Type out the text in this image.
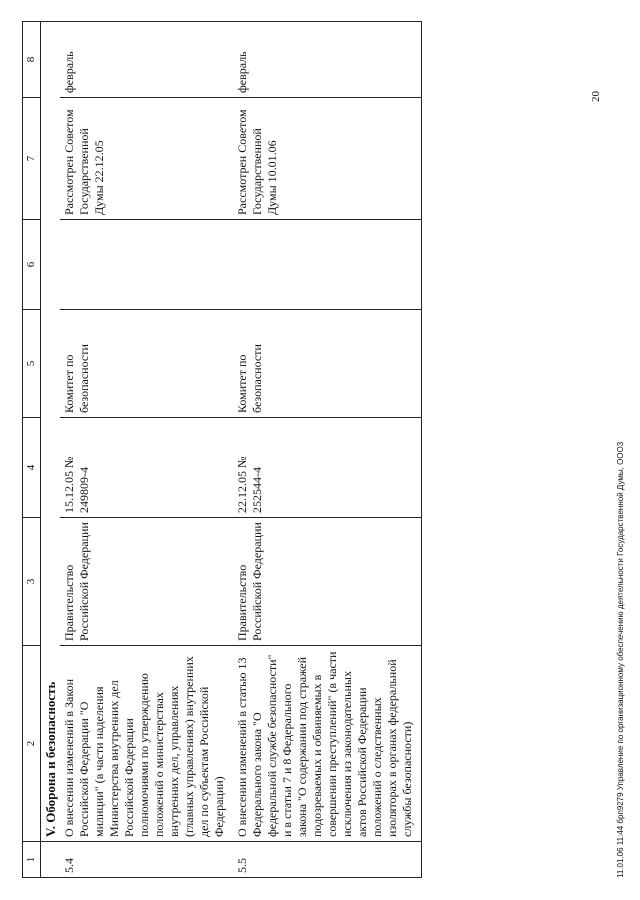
1	2	3	4	5	6	7	8
	V. Оборона и безопасность						
5.4	О внесении изменений в Закон Российской Федерации "О милиции" (в части наделения Министерства внутренних дел Российской Федерации полномочиями по утверждению положений о министерствах внутренних дел, управлениях (главных управлениях) внутренних дел по субъектам Российской Федерации)	Правительство Российской Федерации	15.12.05 № 249809-4	Комитет по безопасности		Рассмотрен Советом Государственной Думы 22.12.05	февраль
5.5	О внесении изменений в статью 13 Федерального закона "О федеральной службе безопасности" и в статьи 7 и 8 Федерального закона "О содержании под стражей подозреваемых и обвиняемых в совершении преступлений" (в части исключения из законодательных актов Российской Федерации положений о следственных изоляторах в органах федеральной службы безопасности)	Правительство Российской Федерации	22.12.05 № 252544-4	Комитет по безопасности		Рассмотрен Советом Государственной Думы 10.01.06	февраль
20
11.01.06 11:44 брп9279 Управление по организационному обеспечению деятельности Государственной Думы, ООО3
